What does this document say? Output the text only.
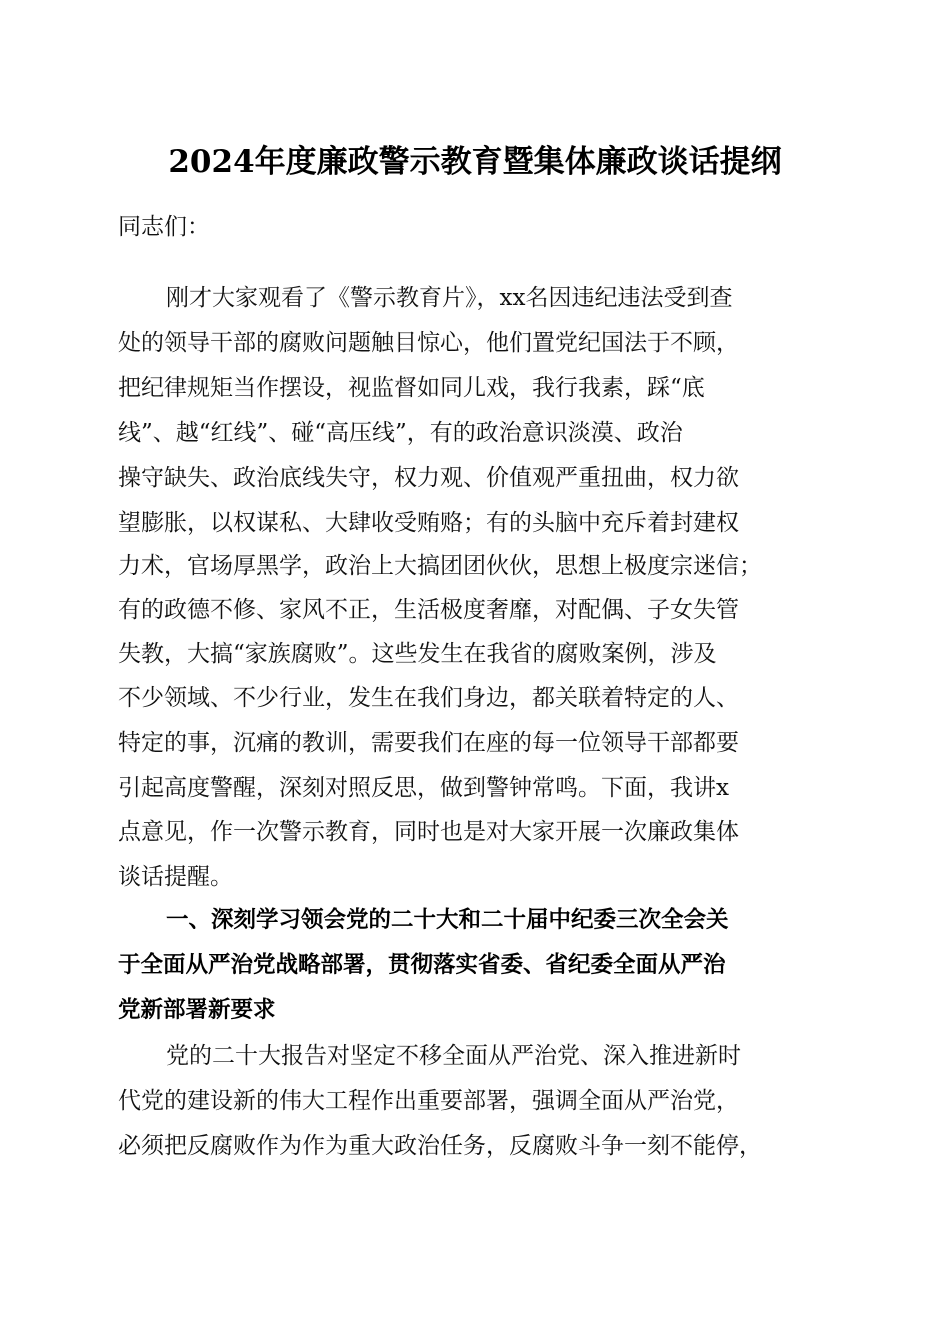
2024年度廉政警示教育暨集体廉政谈话提纲
同志们：
刚才大家观看了《警示教育片》，xx名因违纪违法受到查
处的领导干部的腐败问题触目惊心，他们置党纪国法于不顾，
把纪律规矩当作摆设，视监督如同儿戏，我行我素，踩“底
线”、越“红线”、碰“高压线”，有的政治意识淡漠、政治
操守缺失、政治底线失守，权力观、价值观严重扭曲，权力欲
望膨胀，以权谋私、大肆收受贿赂；有的头脑中充斥着封建权
力术，官场厚黑学，政治上大搞团团伙伙，思想上极度宗迷信；
有的政德不修、家风不正，生活极度奢靡，对配偶、子女失管
失教，大搞“家族腐败”。这些发生在我省的腐败案例，涉及
不少领域、不少行业，发生在我们身边，都关联着特定的人、
特定的事，沉痛的教训，需要我们在座的每一位领导干部都要
引起高度警醒，深刻对照反思，做到警钟常鸣。下面，我讲x
点意见，作一次警示教育，同时也是对大家开展一次廉政集体
谈话提醒。
一、深刻学习领会党的二十大和二十届中纪委三次全会关
于全面从严治党战略部署，贯彻落实省委、省纪委全面从严治
党新部署新要求
党的二十大报告对坚定不移全面从严治党、深入推进新时
代党的建设新的伟大工程作出重要部署，强调全面从严治党，
必须把反腐败作为作为重大政治任务，反腐败斗争一刻不能停，
